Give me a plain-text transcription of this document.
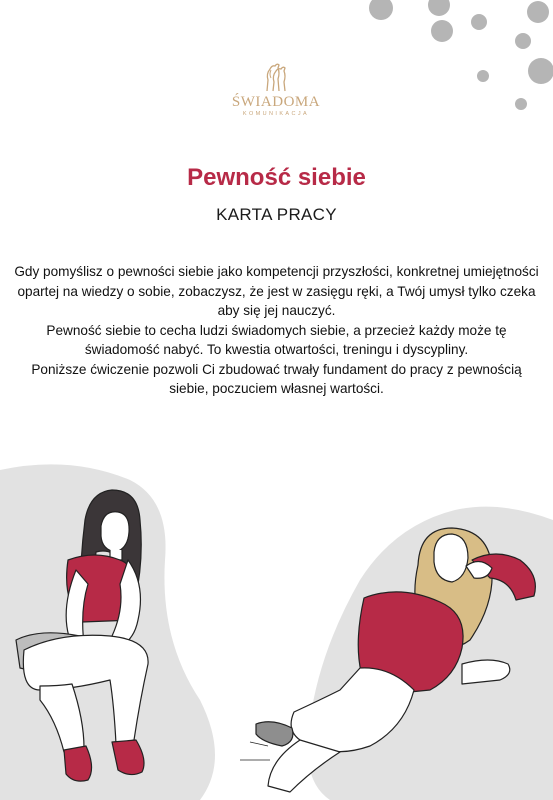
ŚWIADOMA
KOMUNIKACJA
Pewność siebie
KARTA PRACY

Gdy pomyślisz o pewności siebie jako kompetencji przyszłości, konkretnej umiejętności opartej na wiedzy o sobie, zobaczysz, że jest w zasięgu ręki, a Twój umysł tylko czeka aby się jej nauczyć.

Pewność siebie to cecha ludzi świadomych siebie, a przecież każdy może tę świadomość nabyć. To kwestia otwartości, treningu i dyscypliny.

Poniższe ćwiczenie pozwoli Ci zbudować trwały fundament do pracy z pewnością siebie, poczuciem własnej wartości.
